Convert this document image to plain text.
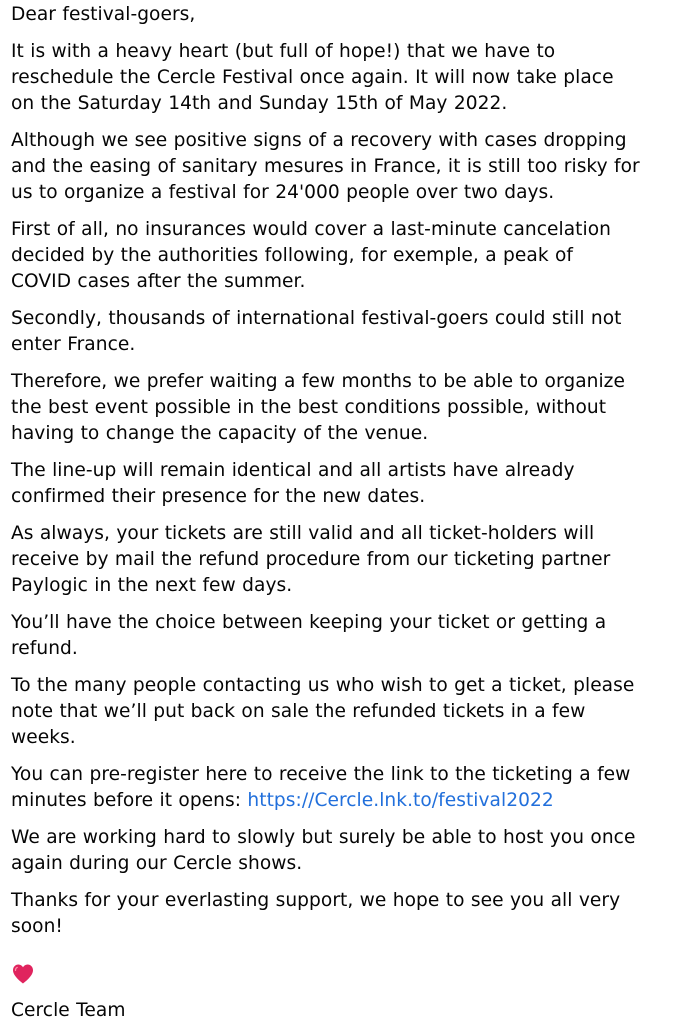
Dear festival-goers,

It is with a heavy heart (but full of hope!) that we have to
reschedule the Cercle Festival once again. It will now take place
on the Saturday 14th and Sunday 15th of May 2022.

Although we see positive signs of a recovery with cases dropping
and the easing of sanitary mesures in France, it is still too risky for
us to organize a festival for 24'000 people over two days.

First of all, no insurances would cover a last-minute cancelation
decided by the authorities following, for exemple, a peak of
COVID cases after the summer.

Secondly, thousands of international festival-goers could still not
enter France.

Therefore, we prefer waiting a few months to be able to organize
the best event possible in the best conditions possible, without
having to change the capacity of the venue.

The line-up will remain identical and all artists have already
confirmed their presence for the new dates.

As always, your tickets are still valid and all ticket-holders will
receive by mail the refund procedure from our ticketing partner
Paylogic in the next few days.

You’ll have the choice between keeping your ticket or getting a
refund.

To the many people contacting us who wish to get a ticket, please
note that we’ll put back on sale the refunded tickets in a few
weeks.

You can pre-register here to receive the link to the ticketing a few
minutes before it opens: https://Cercle.lnk.to/festival2022

We are working hard to slowly but surely be able to host you once
again during our Cercle shows.

Thanks for your everlasting support, we hope to see you all very
soon!

Cercle Team
